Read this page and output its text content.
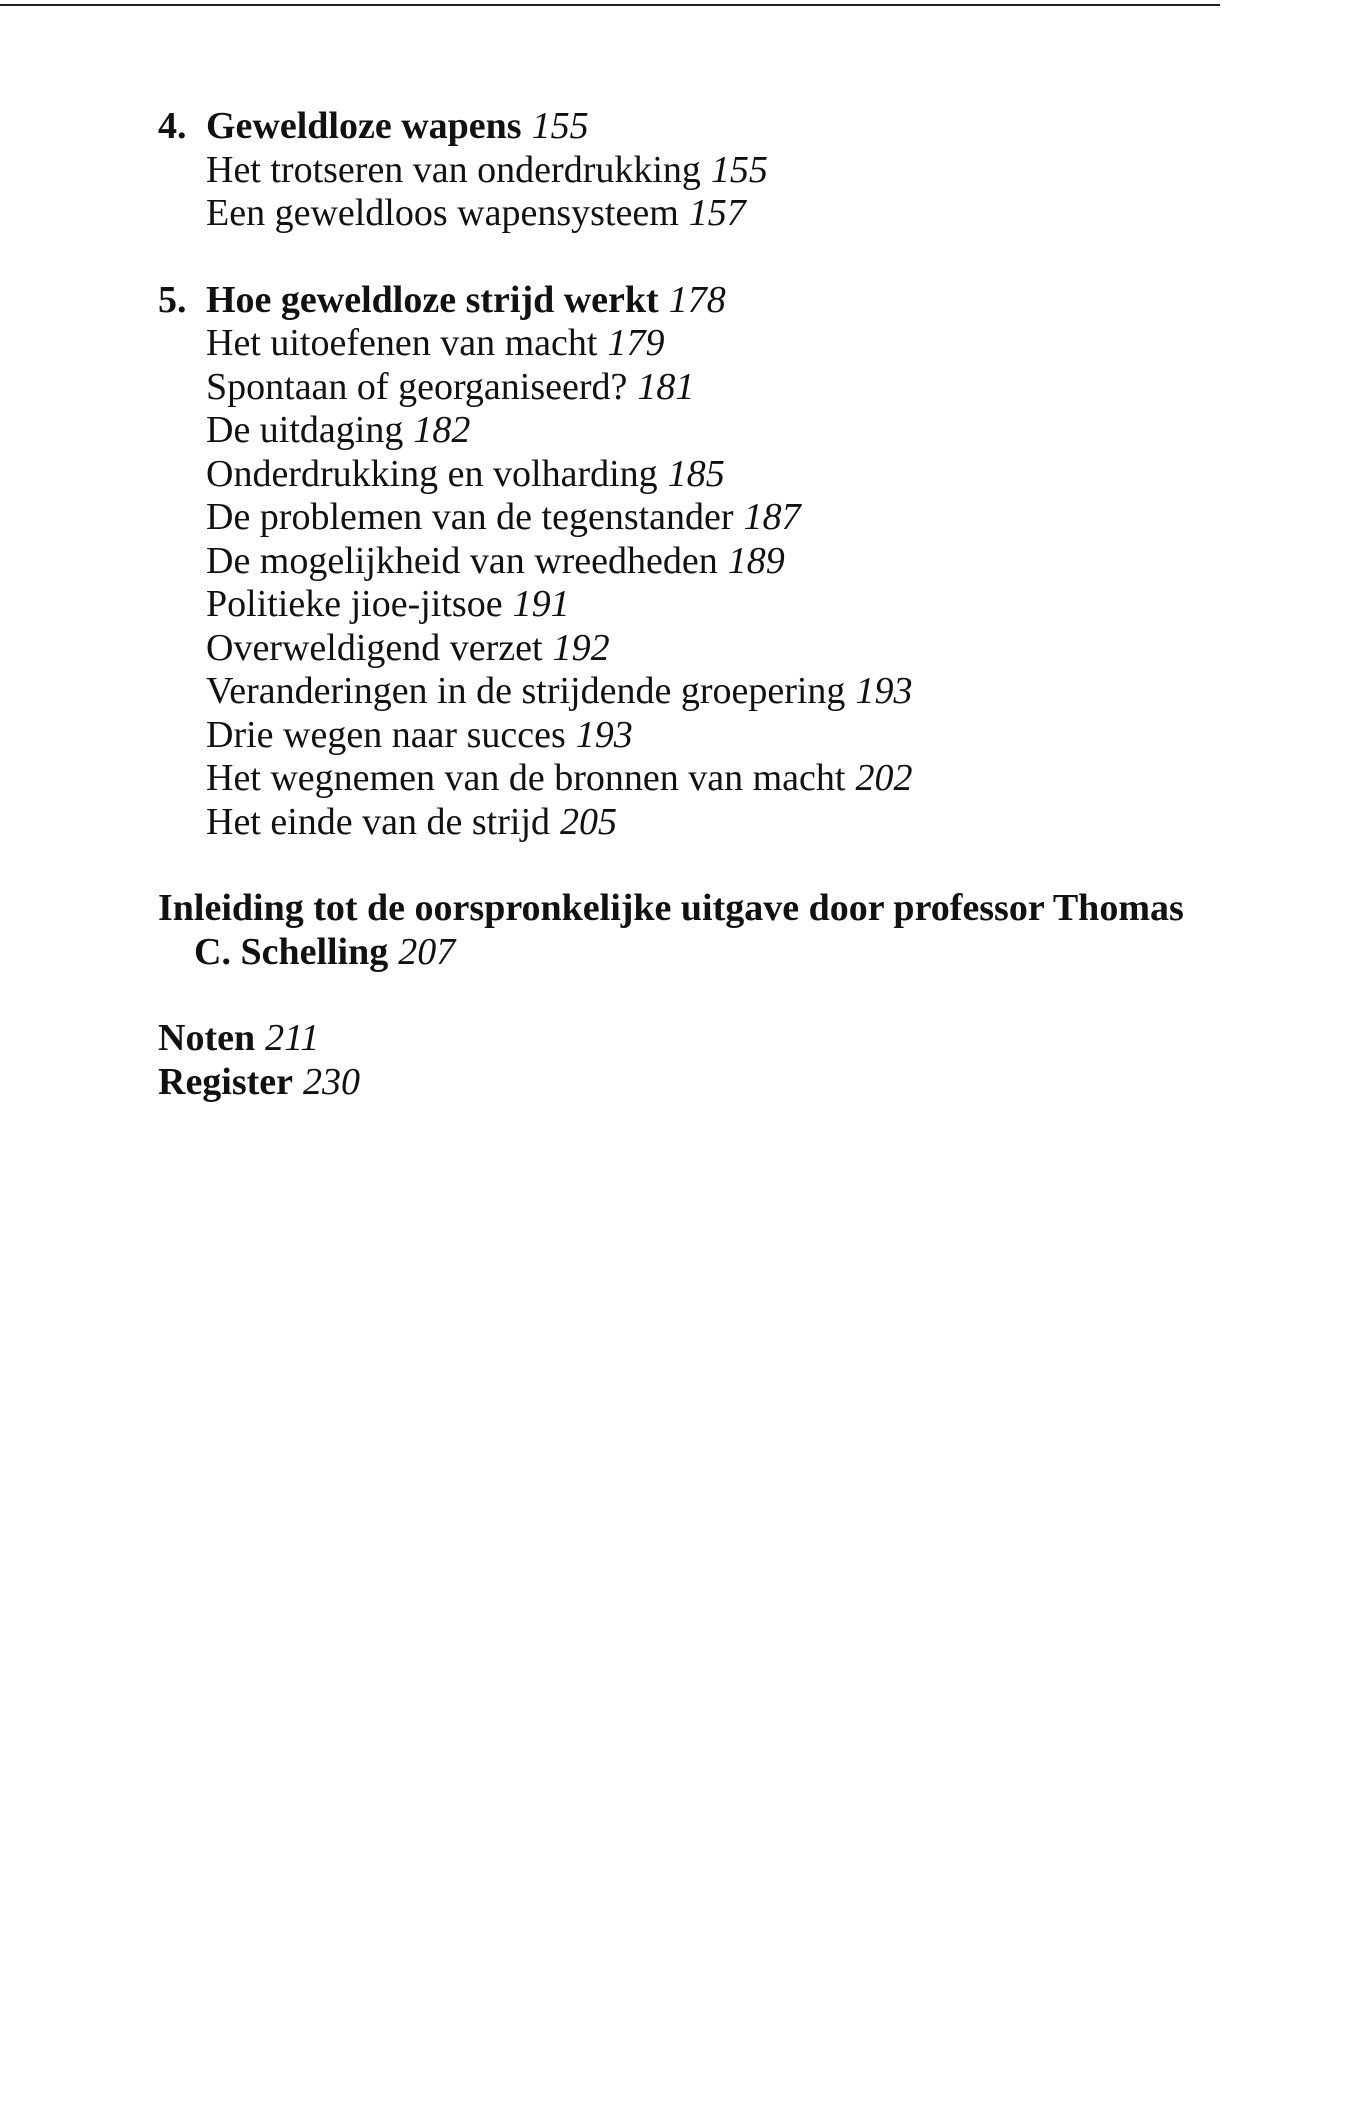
4. Geweldloze wapens 155
Het trotseren van onderdrukking 155
Een geweldloos wapensysteem 157
5. Hoe geweldloze strijd werkt 178
Het uitoefenen van macht 179
Spontaan of georganiseerd? 181
De uitdaging 182
Onderdrukking en volharding 185
De problemen van de tegenstander 187
De mogelijkheid van wreedheden 189
Politieke jioe-jitsoe 191
Overweldigend verzet 192
Veranderingen in de strijdende groepering 193
Drie wegen naar succes 193
Het wegnemen van de bronnen van macht 202
Het einde van de strijd 205
Inleiding tot de oorspronkelijke uitgave door professor Thomas
C. Schelling 207
Noten 211
Register 230
